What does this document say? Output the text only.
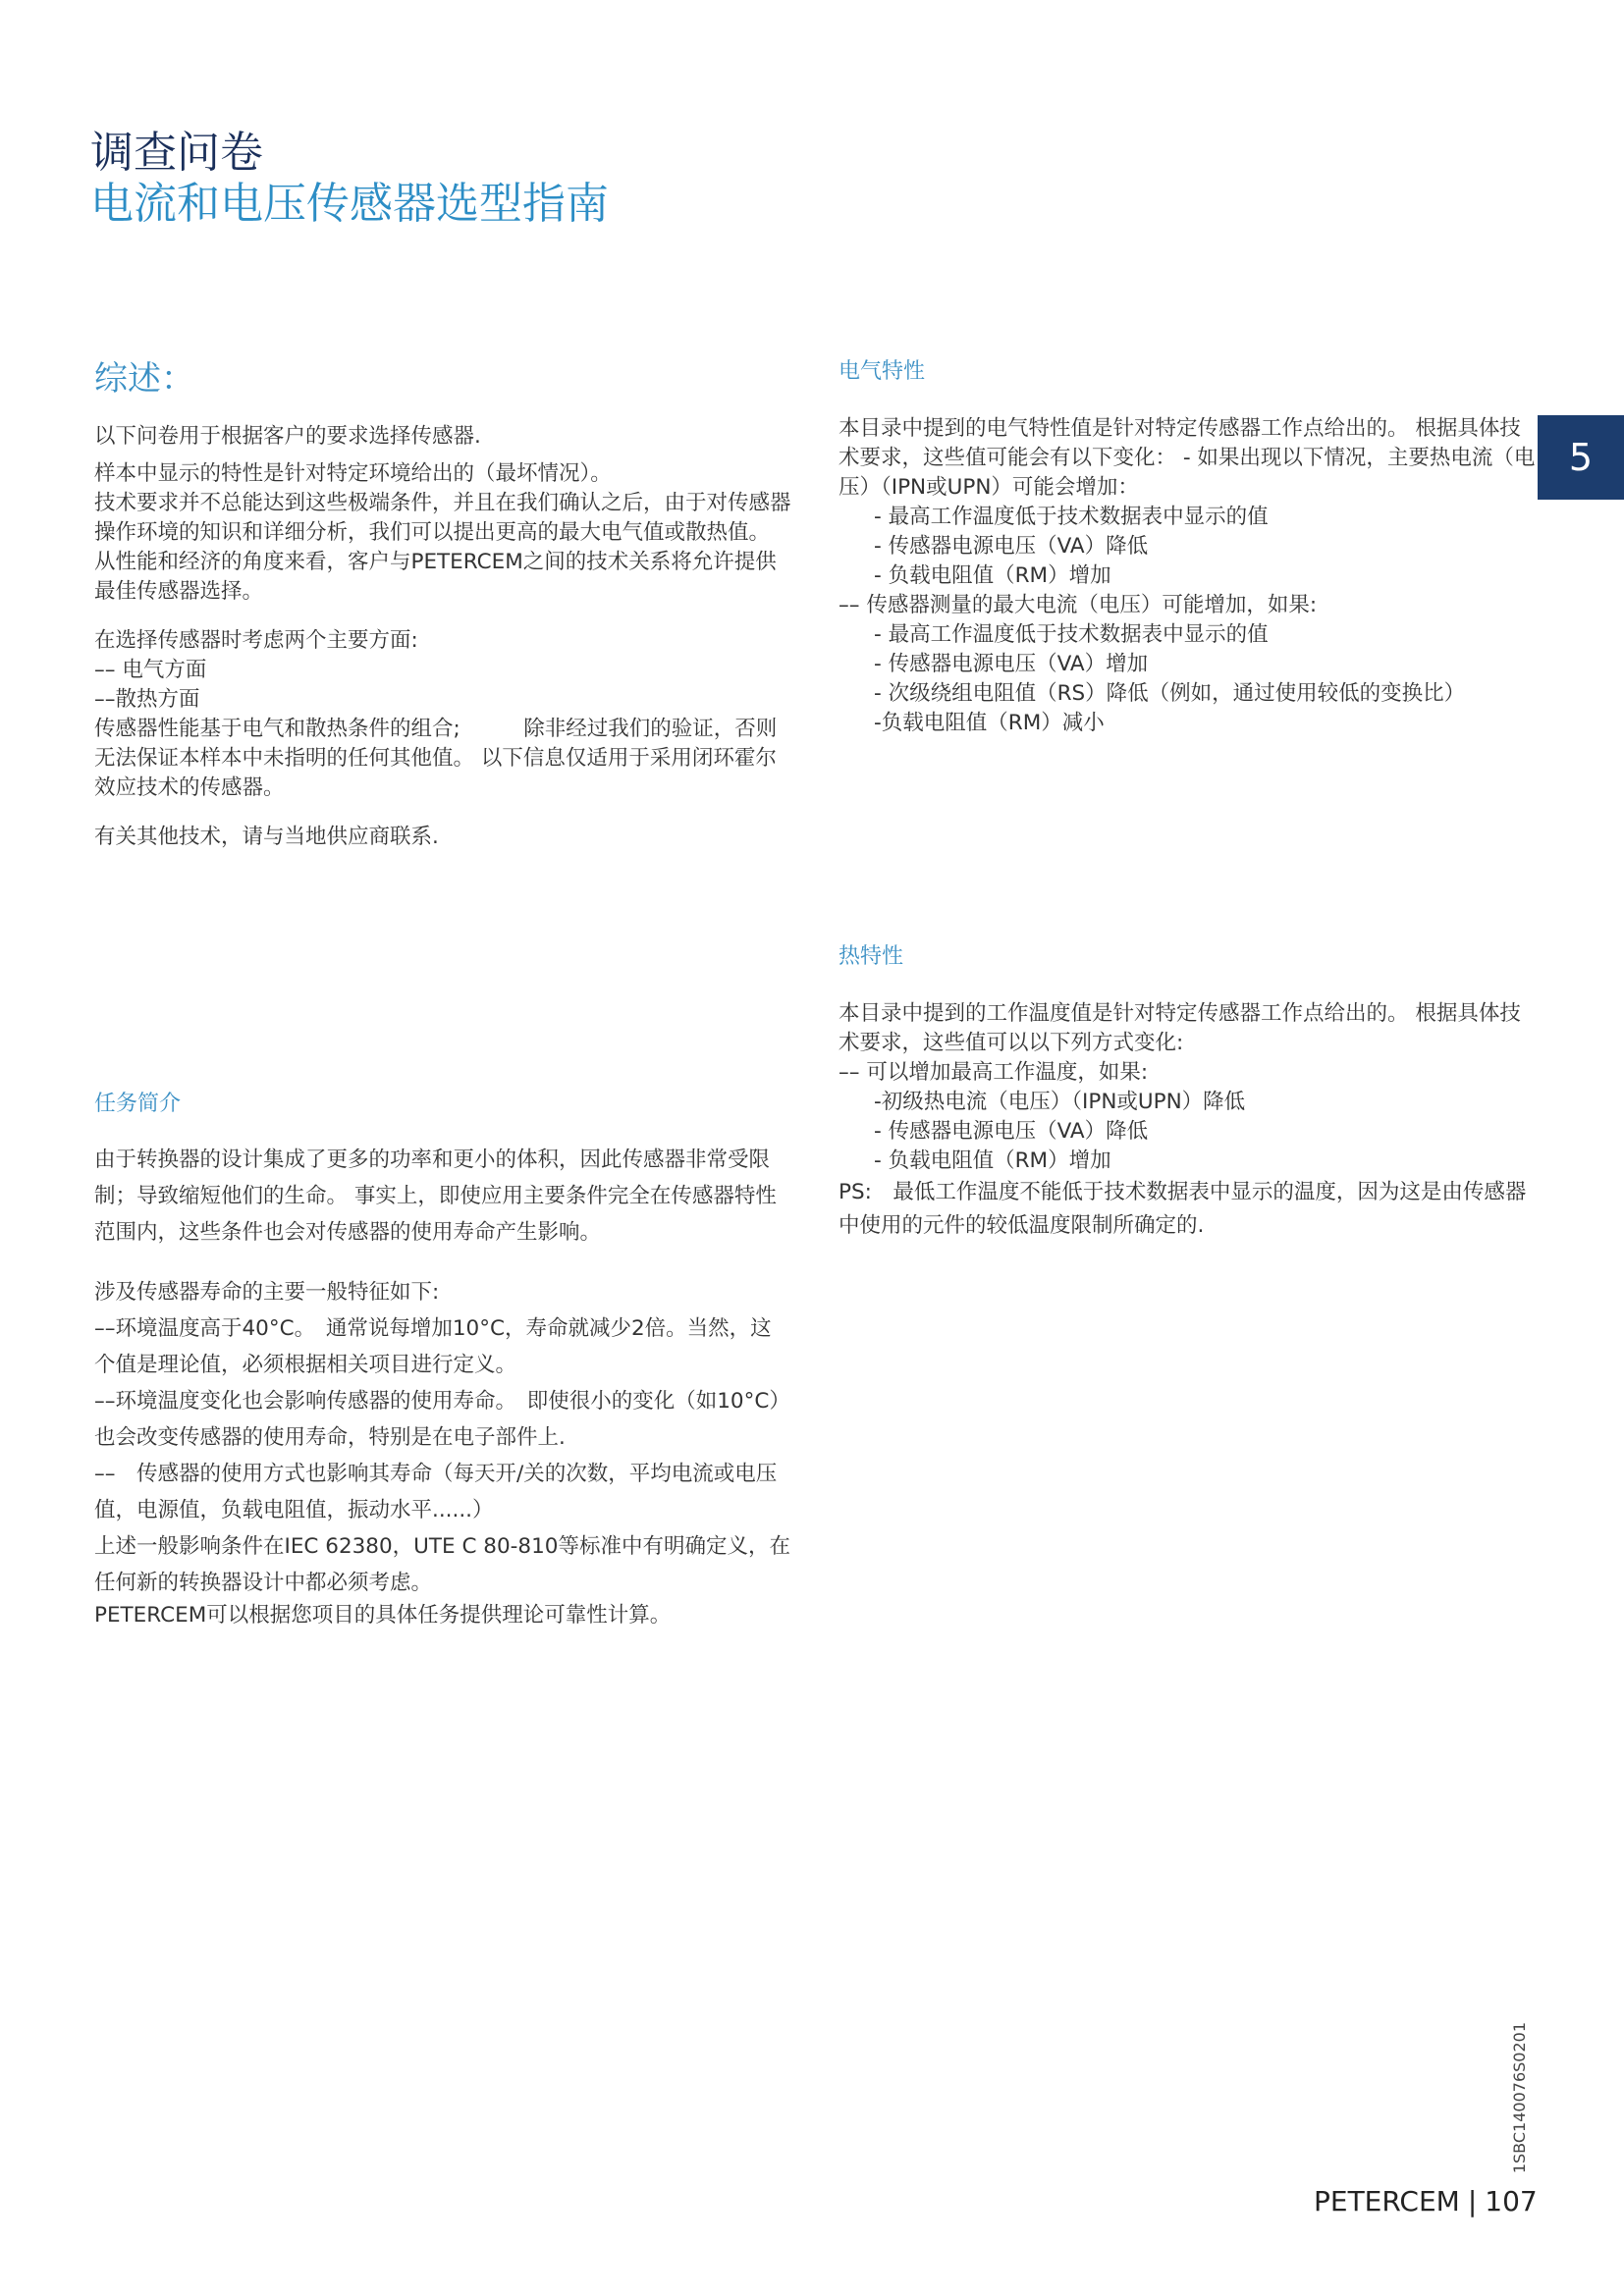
调查问卷
电流和电压传感器选型指南
5
综述：

以下问卷用于根据客户的要求选择传感器.

样本中显示的特性是针对特定环境给出的（最坏情况）。

技术要求并不总能达到这些极端条件，并且在我们确认之后，由于对传感器操作环境的知识和详细分析，我们可以提出更高的最大电气值或散热值。

从性能和经济的角度来看，客户与PETERCEM之间的技术关系将允许提供最佳传感器选择。

在选择传感器时考虑两个主要方面:

–– 电气方面

––散热方面

传感器性能基于电气和散热条件的组合;　　　除非经过我们的验证，否则无法保证本样本中未指明的任何其他值。 以下信息仅适用于采用闭环霍尔效应技术的传感器。

有关其他技术，请与当地供应商联系.

任务简介

由于转换器的设计集成了更多的功率和更小的体积，因此传感器非常受限制；导致缩短他们的生命。 事实上，即使应用主要条件完全在传感器特性范围内，这些条件也会对传感器的使用寿命产生影响。

涉及传感器寿命的主要一般特征如下:

––环境温度高于40°C。　通常说每增加10°C，寿命就减少2倍。当然，这个值是理论值，必须根据相关项目进行定义。

––环境温度变化也会影响传感器的使用寿命。　即使很小的变化（如10°C）也会改变传感器的使用寿命，特别是在电子部件上.

––　传感器的使用方式也影响其寿命（每天开/关的次数，平均电流或电压值，电源值，负载电阻值，振动水平......）

上述一般影响条件在IEC 62380，UTE C 80-810等标准中有明确定义，在任何新的转换器设计中都必须考虑。

PETERCEM可以根据您项目的具体任务提供理论可靠性计算。

电气特性

本目录中提到的电气特性值是针对特定传感器工作点给出的。 根据具体技术要求，这些值可能会有以下变化： - 如果出现以下情况，主要热电流（电压）（IPN或UPN）可能会增加：

- 最高工作温度低于技术数据表中显示的值

- 传感器电源电压（VA）降低

- 负载电阻值（RM）增加

–– 传感器测量的最大电流（电压）可能增加，如果:

- 最高工作温度低于技术数据表中显示的值

- 传感器电源电压（VA）增加

- 次级绕组电阻值（RS）降低（例如，通过使用较低的变换比）

-负载电阻值（RM）减小

热特性

本目录中提到的工作温度值是针对特定传感器工作点给出的。 根据具体技术要求，这些值可以以下列方式变化:

–– 可以增加最高工作温度，如果:

-初级热电流（电压）（IPN或UPN）降低

- 传感器电源电压（VA）降低

- 负载电阻值（RM）增加

PS:　最低工作温度不能低于技术数据表中显示的温度，因为这是由传感器中使用的元件的较低温度限制所确定的.

1SBC140076S0201
PETERCEM | 107
